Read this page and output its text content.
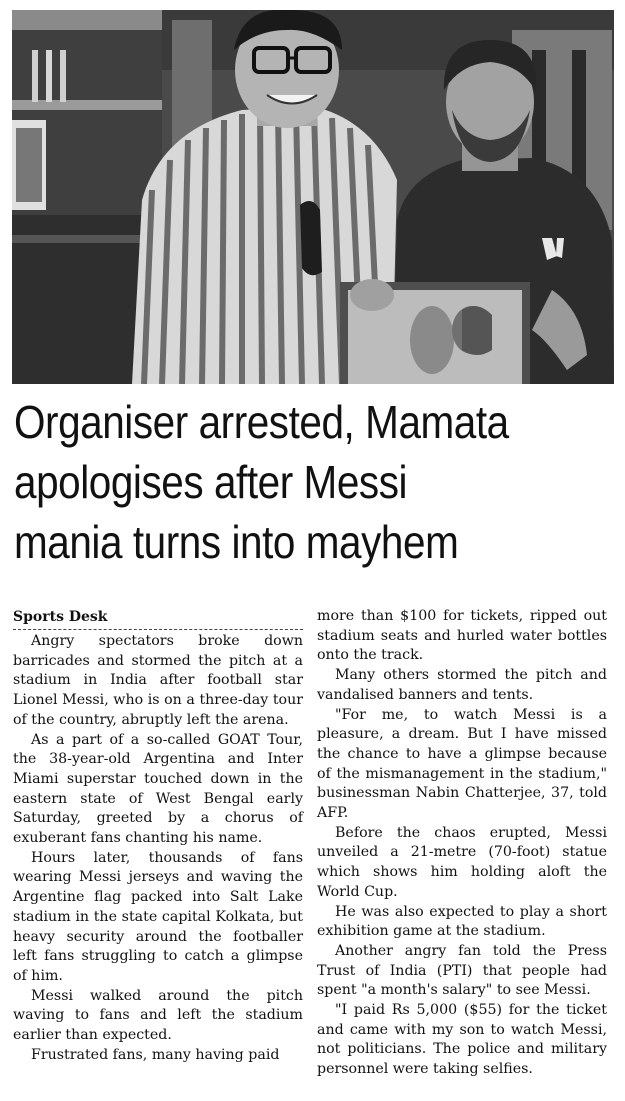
Organiser arrested, Mamata
apologises after Messi
mania turns into mayhem
Sports Desk

Angry spectators broke down barricades and stormed the pitch at a stadium in India after football star Lionel Messi, who is on a three-day tour of the country, abruptly left the arena.

As a part of a so-called GOAT Tour, the 38-year-old Argentina and Inter Miami superstar touched down in the eastern state of West Bengal early Saturday, greeted by a chorus of exuberant fans chanting his name.

Hours later, thousands of fans wearing Messi jerseys and waving the Argentine flag packed into Salt Lake stadium in the state capital Kolkata, but heavy security around the footballer left fans struggling to catch a glimpse of him.

Messi walked around the pitch waving to fans and left the stadium earlier than expected.

Frustrated fans, many having paid

more than $100 for tickets, ripped out stadium seats and hurled water bottles onto the track.

Many others stormed the pitch and vandalised banners and tents.

"For me, to watch Messi is a pleasure, a dream. But I have missed the chance to have a glimpse because of the mismanagement in the stadium," businessman Nabin Chatterjee, 37, told AFP.

Before the chaos erupted, Messi unveiled a 21-metre (70-foot) statue which shows him holding aloft the World Cup.

He was also expected to play a short exhibition game at the stadium.

Another angry fan told the Press Trust of India (PTI) that people had spent "a month's salary" to see Messi.

"I paid Rs 5,000 ($55) for the ticket and came with my son to watch Messi, not politicians. The police and military personnel were taking selfies.
